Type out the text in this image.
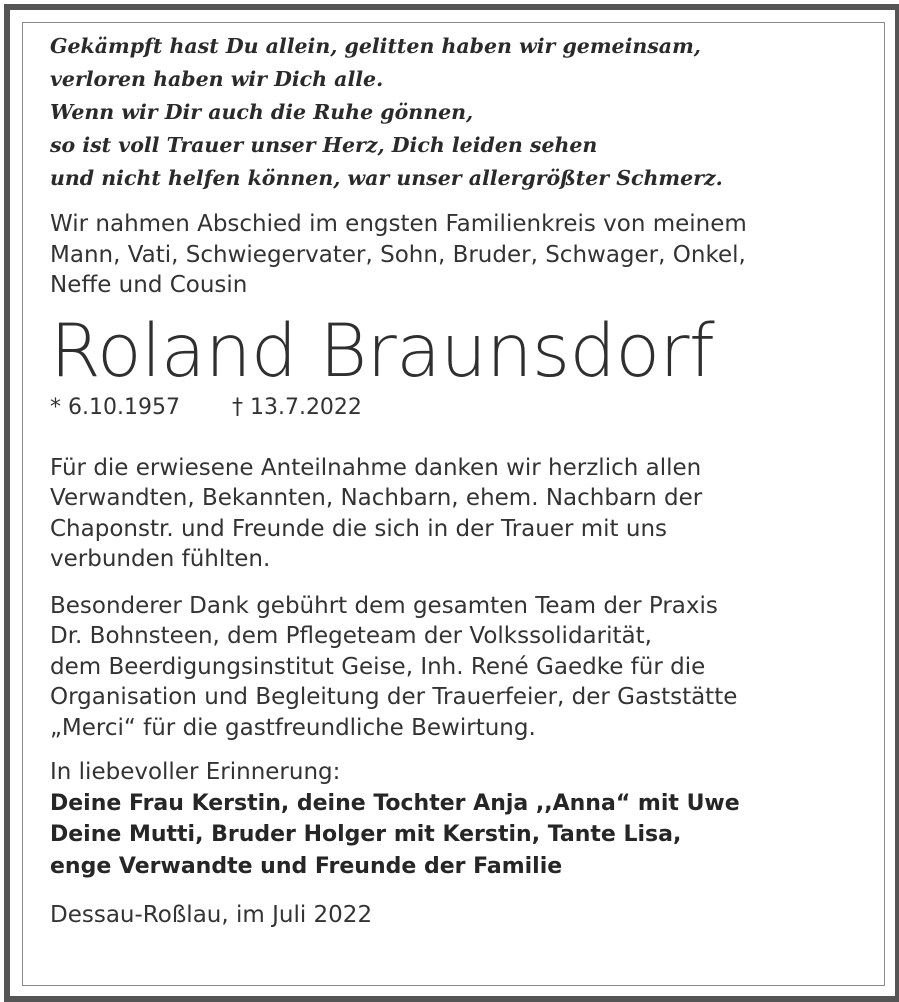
Gekämpft hast Du allein, gelitten haben wir gemeinsam,
verloren haben wir Dich alle.
Wenn wir Dir auch die Ruhe gönnen,
so ist voll Trauer unser Herz, Dich leiden sehen
und nicht helfen können, war unser allergrößter Schmerz.
Wir nahmen Abschied im engsten Familienkreis von meinem
Mann, Vati, Schwiegervater, Sohn, Bruder, Schwager, Onkel,
Neffe und Cousin
Roland Braunsdorf
* 6.10.1957 † 13.7.2022
Für die erwiesene Anteilnahme danken wir herzlich allen
Verwandten, Bekannten, Nachbarn, ehem. Nachbarn der
Chaponstr. und Freunde die sich in der Trauer mit uns
verbunden fühlten.
Besonderer Dank gebührt dem gesamten Team der Praxis
Dr. Bohnsteen, dem Pflegeteam der Volkssolidarität,
dem Beerdigungsinstitut Geise, Inh. René Gaedke für die
Organisation und Begleitung der Trauerfeier, der Gaststätte
„Merci“ für die gastfreundliche Bewirtung.
In liebevoller Erinnerung:
Deine Frau Kerstin, deine Tochter Anja ,,Anna“ mit Uwe
Deine Mutti, Bruder Holger mit Kerstin, Tante Lisa,
enge Verwandte und Freunde der Familie
Dessau-Roßlau, im Juli 2022
